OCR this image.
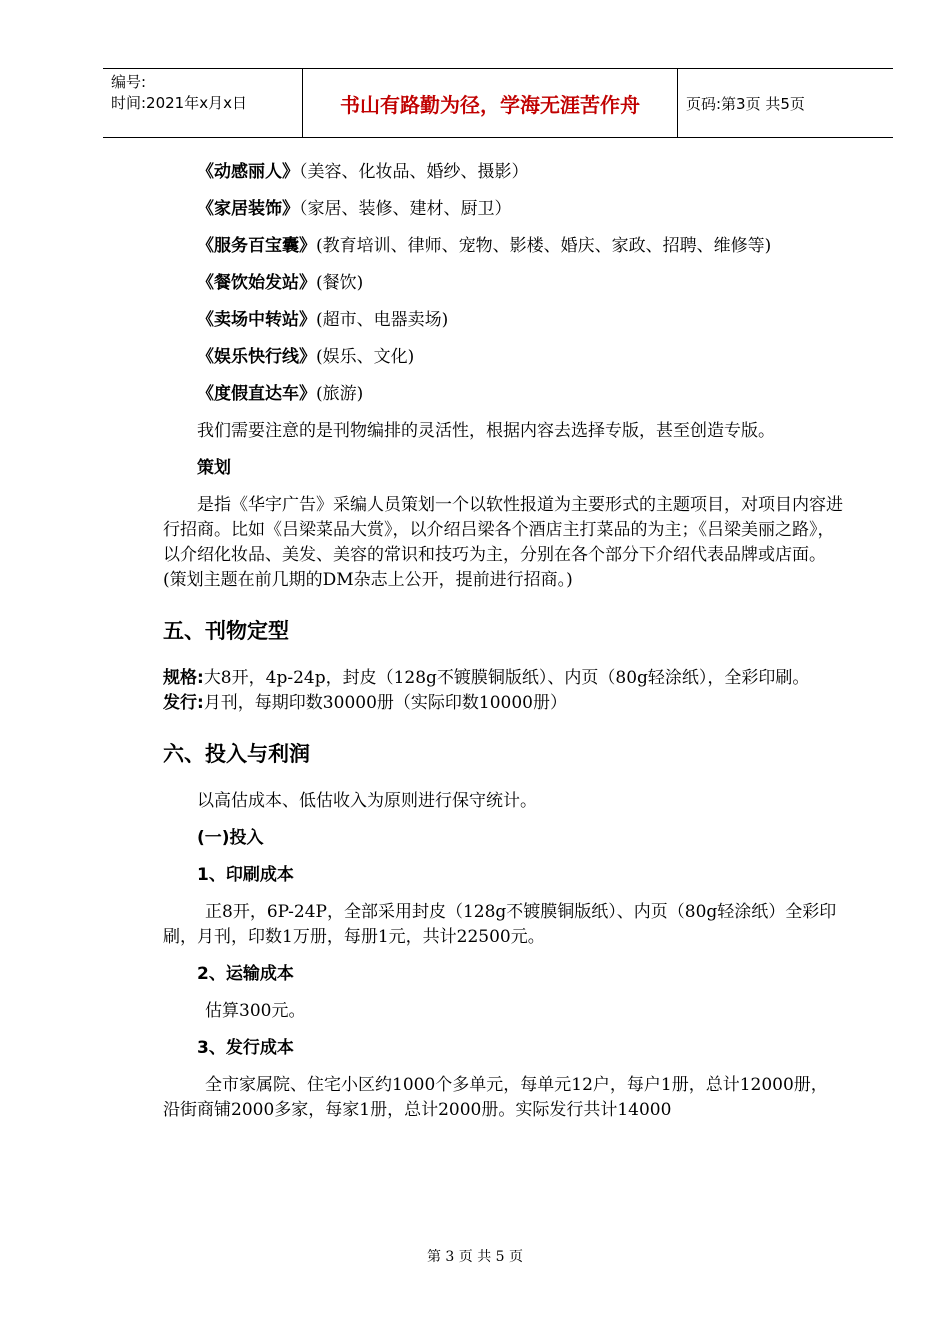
编号:
时间:2021年x月x日	书山有路勤为径，学海无涯苦作舟	页码:第3页 共5页
《动感丽人》（美容、化妆品、婚纱、摄影）
《家居装饰》（家居、装修、建材、厨卫）
《服务百宝囊》(教育培训、律师、宠物、影楼、婚庆、家政、招聘、维修等)
《餐饮始发站》(餐饮)
《卖场中转站》(超市、电器卖场)
《娱乐快行线》(娱乐、文化)
《度假直达车》(旅游)
我们需要注意的是刊物编排的灵活性，根据内容去选择专版，甚至创造专版。
策划
是指《华宇广告》采编人员策划一个以软性报道为主要形式的主题项目，对项目内容进行招商。比如《吕梁菜品大赏》，以介绍吕梁各个酒店主打菜品的为主；《吕梁美丽之路》，以介绍化妆品、美发、美容的常识和技巧为主，分别在各个部分下介绍代表品牌或店面。(策划主题在前几期的DM杂志上公开，提前进行招商。)
五、刊物定型
规格:大8开，4p-24p，封皮（128g不镀膜铜版纸）、内页（80g轻涂纸），全彩印刷。
发行:月刊，每期印数30000册（实际印数10000册）
六、投入与利润
以高估成本、低估收入为原则进行保守统计。
(一)投入
1、印刷成本
正8开，6P-24P，全部采用封皮（128g不镀膜铜版纸）、内页（80g轻涂纸）全彩印刷，月刊，印数1万册，每册1元，共计22500元。
2、运输成本
估算300元。
3、发行成本
全市家属院、住宅小区约1000个多单元，每单元12户，每户1册，总计12000册，沿街商铺2000多家，每家1册，总计2000册。实际发行共计14000
第 3 页 共 5 页
